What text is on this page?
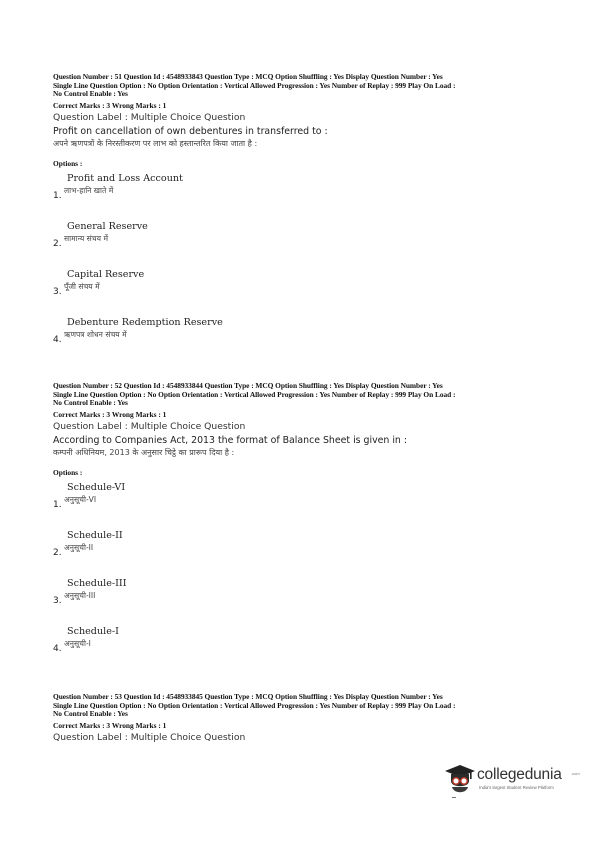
Question Number : 51 Question Id : 4548933843 Question Type : MCQ Option Shuffling : Yes Display Question Number : Yes
Single Line Question Option : No Option Orientation : Vertical Allowed Progression : Yes Number of Replay : 999 Play On Load :
No Control Enable : Yes
Correct Marks : 3 Wrong Marks : 1
Question Label : Multiple Choice Question
Profit on cancellation of own debentures in transferred to :
अपने ऋणपत्रों के निरस्तीकरण पर लाभ को हस्तान्तरित किया जाता है :
Options :
Profit and Loss Account
लाभ-हानि खाते में
1.
General Reserve
सामान्य संचय में
2.
Capital Reserve
पूँजी संचय में
3.
Debenture Redemption Reserve
ऋणपत्र शोधन संचय में
4.
Question Number : 52 Question Id : 4548933844 Question Type : MCQ Option Shuffling : Yes Display Question Number : Yes
Single Line Question Option : No Option Orientation : Vertical Allowed Progression : Yes Number of Replay : 999 Play On Load :
No Control Enable : Yes
Correct Marks : 3 Wrong Marks : 1
Question Label : Multiple Choice Question
According to Companies Act, 2013 the format of Balance Sheet is given in :
कम्पनी अधिनियम, 2013 के अनुसार चिट्ठे का प्रारूप दिया है :
Options :
Schedule-VI
अनुसूची-VI
1.
Schedule-II
अनुसूची-II
2.
Schedule-III
अनुसूची-III
3.
Schedule-I
अनुसूची-I
4.
Question Number : 53 Question Id : 4548933845 Question Type : MCQ Option Shuffling : Yes Display Question Number : Yes
Single Line Question Option : No Option Orientation : Vertical Allowed Progression : Yes Number of Replay : 999 Play On Load :
No Control Enable : Yes
Correct Marks : 3 Wrong Marks : 1
Question Label : Multiple Choice Question
collegedunia .com
India's largest Student Review Platform
